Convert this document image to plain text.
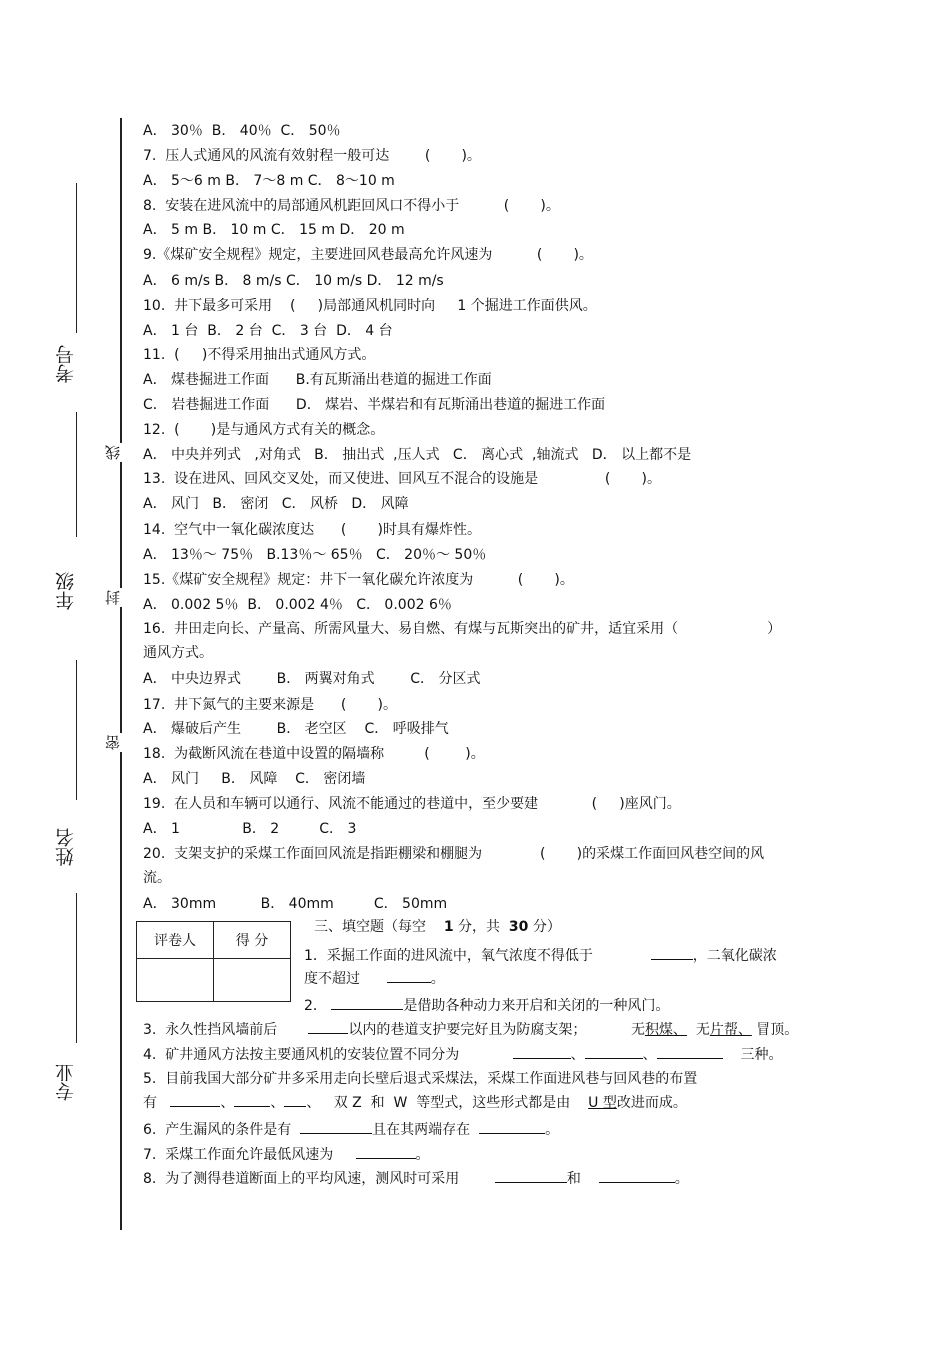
考号
年级
姓名
专业
线
封
密
A． 30％  B． 40％  C． 50％
7.  压人式通风的风流有效射程一般可达        (       )。
A． 5～6 m B． 7～8 m C． 8～10 m
8.  安装在进风流中的局部通风机距回风口不得小于          (       )。
A． 5 m B． 10 m C． 15 m D． 20 m
9.《煤矿安全规程》规定，主要进回风巷最高允许风速为          (       )。
A． 6 m/s B． 8 m/s C． 10 m/s D． 12 m/s
10.  井下最多可采用    (     )局部通风机同时向     1 个掘进工作面供风。
A． 1 台  B． 2 台  C． 3 台  D． 4 台
11.  (     )不得采用抽出式通风方式。
A． 煤巷掘进工作面      B.有瓦斯涌出巷道的掘进工作面
C． 岩巷掘进工作面      D． 煤岩、半煤岩和有瓦斯涌出巷道的掘进工作面
12.  (       )是与通风方式有关的概念。
A． 中央并列式   ,对角式   B． 抽出式  ,压人式   C． 离心式  ,轴流式   D． 以上都不是
13.  设在进风、回风交叉处，而又使进、回风互不混合的设施是               (       )。
A． 风门   B． 密闭   C． 风桥   D． 风障
14.  空气中一氧化碳浓度达      (       )时具有爆炸性。
A． 13％～ 75％   B.13％～ 65％   C． 20％～ 50％
15.《煤矿安全规程》规定：井下一氧化碳允许浓度为          (       )。
A． 0.002 5％  B． 0.002 4％   C． 0.002 6％
16.  井田走向长、产量高、所需风量大、易自燃、有煤与瓦斯突出的矿井，适宜采用（                    ）
通风方式。
A． 中央边界式        B． 两翼对角式        C． 分区式
17.  井下氮气的主要来源是      (       )。
A． 爆破后产生        B． 老空区    C． 呼吸排气
18.  为截断风流在巷道中设置的隔墙称         (        )。
A． 风门     B． 风障    C． 密闭墙
19.  在人员和车辆可以通行、风流不能通过的巷道中，至少要建            (     )座风门。
A． 1              B． 2         C． 3
20.  支架支护的采煤工作面回风流是指距棚梁和棚腿为             (       )的采煤工作面回风巷空间的风
流。
A． 30mm          B． 40mm         C． 50mm
评卷人	得 分

三、填空题（每空 1 分，共 30 分）
1．采掘工作面的进风流中，氧气浓度不得低于	，二氧化碳浓
度不超过	。
2．	是借助各种动力来开启和关闭的一种风门。
3.  永久性挡风墙前后	以内的巷道支护要完好且为防腐支架；	无积煤、 无片帮、 冒顶。
4.  矿井通风方法按主要通风机的安装位置不同分为	、	、	三种。
5.  目前我国大部分矿井多采用走向长壁后退式采煤法，采煤工作面进风巷与回风巷的布置
有	、	、 、 双 Z  和  W  等型式，这些形式都是由 U 型改进而成。
6.  产生漏风的条件是有	且在其两端存在	。
7.  采煤工作面允许最低风速为	。
8.  为了测得巷道断面上的平均风速，测风时可采用	和	。
